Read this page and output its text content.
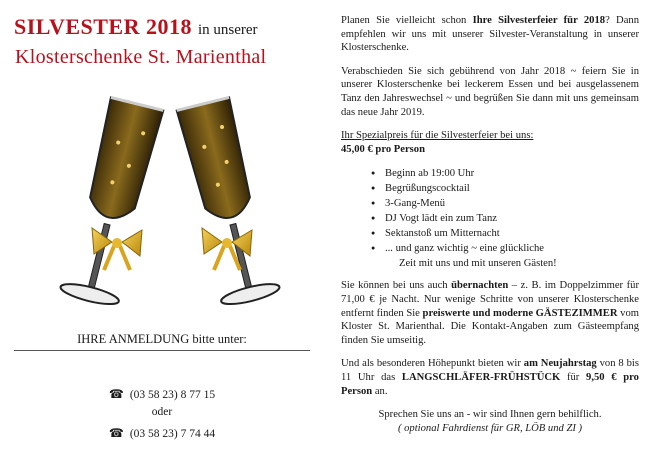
SILVESTER 2018 in unserer
Klosterschenke St. Marienthal
IHRE ANMELDUNG bitte unter:
☎ (03 58 23) 8 77 15
oder
☎ (03 58 23) 7 74 44

Planen Sie vielleicht schon Ihre Silvesterfeier für 2018? Dann empfehlen wir uns mit unserer Silvester-Veranstaltung in unserer Klosterschenke.

Verabschieden Sie sich gebührend von Jahr 2018 ~ feiern Sie in unserer Klosterschenke bei leckerem Essen und bei ausgelassenem Tanz den Jahreswechsel ~ und begrüßen Sie dann mit uns gemeinsam das neue Jahr 2019.

Ihr Spezialpreis für die Silvesterfeier bei uns:

45,00 € pro Person

● Beginn ab 19:00 Uhr
● Begrüßungscocktail
● 3-Gang-Menü
● DJ Vogt lädt ein zum Tanz
● Sektanstoß um Mitternacht
● ... und ganz wichtig ~ eine glückliche
Zeit mit uns und mit unseren Gästen!

Sie können bei uns auch übernachten – z. B. im Doppelzimmer für 71,00 € je Nacht. Nur wenige Schritte von unserer Klosterschenke entfernt finden Sie preiswerte und moderne GÄSTEZIMMER vom Kloster St. Marienthal. Die Kontakt-Angaben zum Gästeempfang finden Sie umseitig.

Und als besonderen Höhepunkt bieten wir am Neujahrstag von 8 bis 11 Uhr das LANGSCHLÄFER-FRÜHSTÜCK für 9,50 € pro Person an.

Sprechen Sie uns an - wir sind Ihnen gern behilflich.

( optional Fahrdienst für GR, LÖB und ZI )
